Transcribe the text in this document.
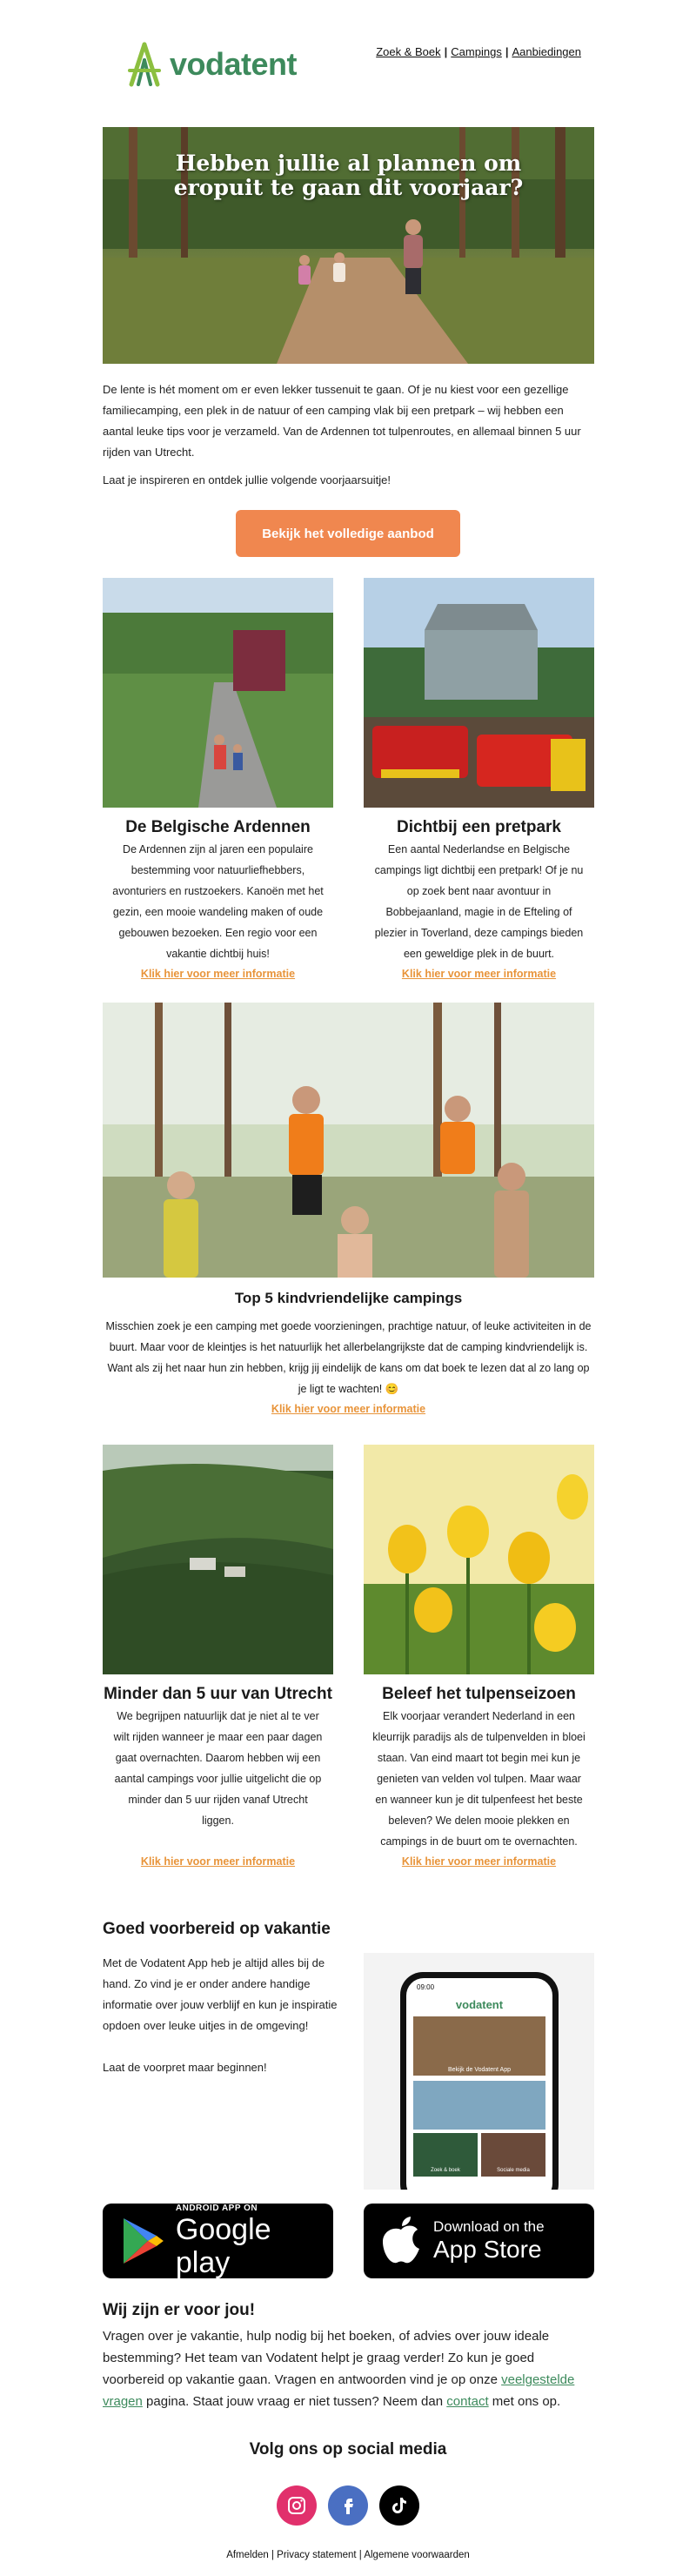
vodatent	Zoek & Boek | Campings | Aanbiedingen
Hebben jullie al plannen om
eropuit te gaan dit voorjaar?

De lente is hét moment om er even lekker tussenuit te gaan. Of je nu kiest voor een gezellige familiecamping, een plek in de natuur of een camping vlak bij een pretpark – wij hebben een aantal leuke tips voor je verzameld. Van de Ardennen tot tulpenroutes, en allemaal binnen 5 uur rijden van Utrecht.

Laat je inspireren en ontdek jullie volgende voorjaarsuitje!

Bekijk het volledige aanbod
De Belgische Ardennen

De Ardennen zijn al jaren een populaire bestemming voor natuurliefhebbers, avonturiers en rustzoekers. Kanoën met het gezin, een mooie wandeling maken of oude gebouwen bezoeken. Een regio voor een vakantie dichtbij huis!

Klik hier voor meer informatie
Dichtbij een pretpark

Een aantal Nederlandse en Belgische campings ligt dichtbij een pretpark! Of je nu op zoek bent naar avontuur in Bobbejaanland, magie in de Efteling of plezier in Toverland, deze campings bieden een geweldige plek in de buurt.

Klik hier voor meer informatie
Top 5 kindvriendelijke campings

Misschien zoek je een camping met goede voorzieningen, prachtige natuur, of leuke activiteiten in de buurt. Maar voor de kleintjes is het natuurlijk het allerbelangrijkste dat de camping kindvriendelijk is. Want als zij het naar hun zin hebben, krijg jij eindelijk de kans om dat boek te lezen dat al zo lang op je ligt te wachten! 😊

Klik hier voor meer informatie
Minder dan 5 uur van Utrecht

We begrijpen natuurlijk dat je niet al te ver wilt rijden wanneer je maar een paar dagen gaat overnachten. Daarom hebben wij een aantal campings voor jullie uitgelicht die op minder dan 5 uur rijden vanaf Utrecht liggen.

Klik hier voor meer informatie
Beleef het tulpenseizoen

Elk voorjaar verandert Nederland in een kleurrijk paradijs als de tulpenvelden in bloei staan. Van eind maart tot begin mei kun je genieten van velden vol tulpen. Maar waar en wanneer kun je dit tulpenfeest het beste beleven? We delen mooie plekken en campings in de buurt om te overnachten.

Klik hier voor meer informatie
Goed voorbereid op vakantie

Met de Vodatent App heb je altijd alles bij de hand. Zo vind je er onder andere handige informatie over jouw verblijf en kun je inspiratie opdoen over leuke uitjes in de omgeving!

Laat de voorpret maar beginnen!

09:00
vodatent
Bekijk de Vodatent App
Zoek & boek	Sociale media
ANDROID APP ON
Google play
Download on the
App Store
Wij zijn er voor jou!

Vragen over je vakantie, hulp nodig bij het boeken, of advies over jouw ideale bestemming? Het team van Vodatent helpt je graag verder! Zo kun je goed voorbereid op vakantie gaan. Vragen en antwoorden vind je op onze veelgestelde vragen pagina. Staat jouw vraag er niet tussen? Neem dan contact met ons op.

Volg ons op social media
Afmelden | Privacy statement | Algemene voorwaarden
